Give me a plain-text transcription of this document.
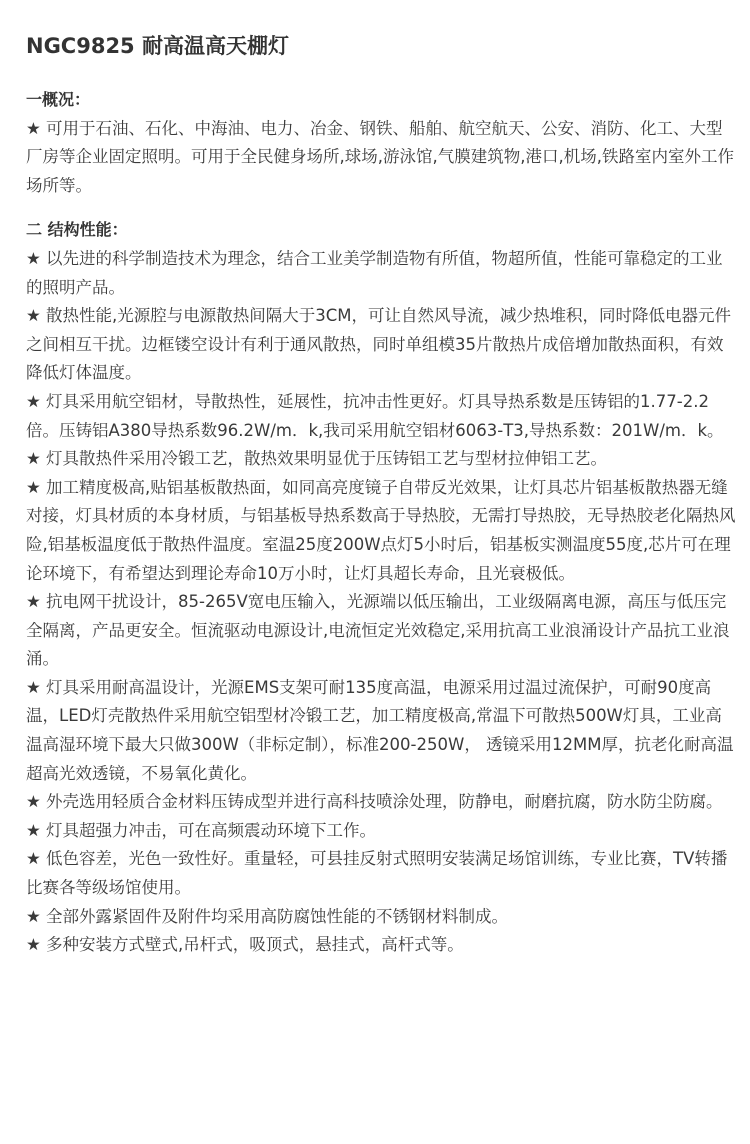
NGC9825 耐高温高天棚灯

一概况：

★ 可用于石油、石化、中海油、电力、冶金、钢铁、船舶、航空航天、公安、消防、化工、大型厂房等企业固定照明。可用于全民健身场所,球场,游泳馆,气膜建筑物,港口,机场,铁路室内室外工作场所等。

二 结构性能：

★ 以先进的科学制造技术为理念，结合工业美学制造物有所值，物超所值，性能可靠稳定的工业的照明产品。

★ 散热性能,光源腔与电源散热间隔大于3CM，可让自然风导流，减少热堆积，同时降低电器元件之间相互干扰。边框镂空设计有利于通风散热，同时单组模35片散热片成倍增加散热面积，有效降低灯体温度。

★ 灯具采用航空铝材，导散热性，延展性，抗冲击性更好。灯具导热系数是压铸铝的1.77-2.2倍。压铸铝A380导热系数96.2W/m．k,我司采用航空铝材6063-T3,导热系数：201W/m．k。

★ 灯具散热件采用冷锻工艺，散热效果明显优于压铸铝工艺与型材拉伸铝工艺。

★ 加工精度极高,贴铝基板散热面，如同高亮度镜子自带反光效果，让灯具芯片铝基板散热器无缝对接，灯具材质的本身材质，与铝基板导热系数高于导热胶，无需打导热胶，无导热胶老化隔热风险,铝基板温度低于散热件温度。室温25度200W点灯5小时后，铝基板实测温度55度,芯片可在理论环境下，有希望达到理论寿命10万小时，让灯具超长寿命，且光衰极低。

★ 抗电网干扰设计，85-265V宽电压输入，光源端以低压输出，工业级隔离电源，高压与低压完全隔离，产品更安全。恒流驱动电源设计,电流恒定光效稳定,采用抗高工业浪涌设计产品抗工业浪涌。

★ 灯具采用耐高温设计，光源EMS支架可耐135度高温，电源采用过温过流保护，可耐90度高温，LED灯壳散热件采用航空铝型材冷锻工艺，加工精度极高,常温下可散热500W灯具，工业高温高湿环境下最大只做300W（非标定制），标准200-250W， 透镜采用12MM厚，抗老化耐高温超高光效透镜，不易氧化黄化。

★ 外壳选用轻质合金材料压铸成型并进行高科技喷涂处理，防静电，耐磨抗腐，防水防尘防腐。

★ 灯具超强力冲击，可在高频震动环境下工作。

★ 低色容差，光色一致性好。重量轻，可县挂反射式照明安装满足场馆训练，专业比赛，TV转播比赛各等级场馆使用。

★ 全部外露紧固件及附件均采用高防腐蚀性能的不锈钢材料制成。

★ 多种安装方式壁式,吊杆式，吸顶式，悬挂式，高杆式等。
